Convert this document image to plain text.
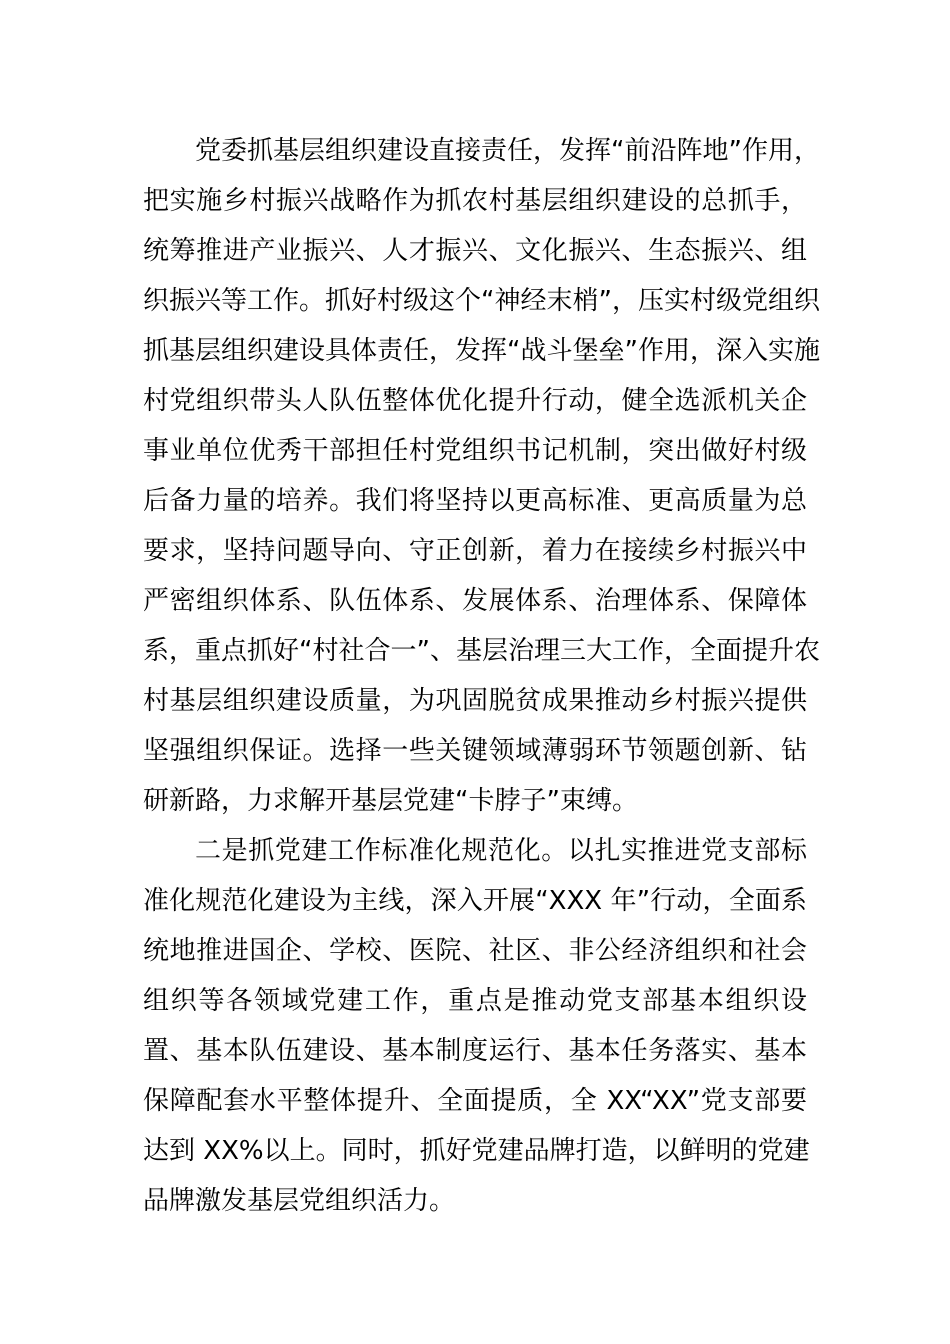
党委抓基层组织建设直接责任，发挥“前沿阵地”作用，
把实施乡村振兴战略作为抓农村基层组织建设的总抓手，
统筹推进产业振兴、人才振兴、文化振兴、生态振兴、组
织振兴等工作。抓好村级这个“神经末梢”，压实村级党组织
抓基层组织建设具体责任，发挥“战斗堡垒”作用，深入实施
村党组织带头人队伍整体优化提升行动，健全选派机关企
事业单位优秀干部担任村党组织书记机制，突出做好村级
后备力量的培养。我们将坚持以更高标准、更高质量为总
要求，坚持问题导向、守正创新，着力在接续乡村振兴中
严密组织体系、队伍体系、发展体系、治理体系、保障体
系，重点抓好“村社合一”、基层治理三大工作，全面提升农
村基层组织建设质量，为巩固脱贫成果推动乡村振兴提供
坚强组织保证。选择一些关键领域薄弱环节领题创新、钻
研新路，力求解开基层党建“卡脖子”束缚。
二是抓党建工作标准化规范化。以扎实推进党支部标
准化规范化建设为主线，深入开展“XXX 年”行动，全面系
统地推进国企、学校、医院、社区、非公经济组织和社会
组织等各领域党建工作，重点是推动党支部基本组织设
置、基本队伍建设、基本制度运行、基本任务落实、基本
保障配套水平整体提升、全面提质，全 XX“XX”党支部要
达到 XX%以上。同时，抓好党建品牌打造，以鲜明的党建
品牌激发基层党组织活力。
